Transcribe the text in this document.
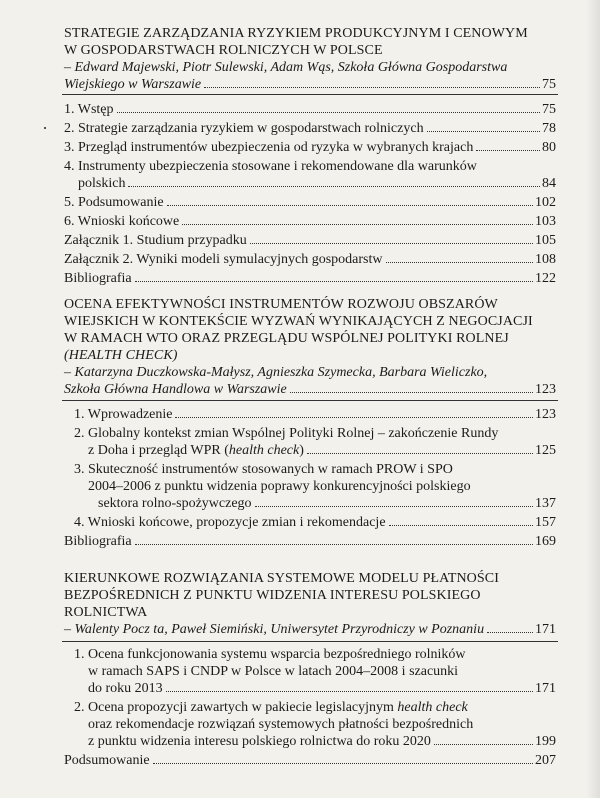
STRATEGIE ZARZĄDZANIA RYZYKIEM PRODUKCYJNYM I CENOWYM
W GOSPODARSTWACH ROLNICZYCH W POLSCE
– Edward Majewski, Piotr Sulewski, Adam Wąs, Szkoła Główna Gospodarstwa
Wiejskiego w Warszawie	75
1. Wstęp	75
2. Strategie zarządzania ryzykiem w gospodarstwach rolniczych	78
3. Przegląd instrumentów ubezpieczenia od ryzyka w wybranych krajach	80
4. Instrumenty ubezpieczenia stosowane i rekomendowane dla warunków
polskich	84
5. Podsumowanie	102
6. Wnioski końcowe	103
Załącznik 1. Studium przypadku	105
Załącznik 2. Wyniki modeli symulacyjnych gospodarstw	108
Bibliografia	122
OCENA EFEKTYWNOŚCI INSTRUMENTÓW ROZWOJU OBSZARÓW
WIEJSKICH W KONTEKŚCIE WYZWAŃ WYNIKAJĄCYCH Z NEGOCJACJI
W RAMACH WTO ORAZ PRZEGLĄDU WSPÓLNEJ POLITYKI ROLNEJ
(HEALTH CHECK)
– Katarzyna Duczkowska-Małysz, Agnieszka Szymecka, Barbara Wieliczko,
Szkoła Główna Handlowa w Warszawie	123
1. Wprowadzenie	123
2. Globalny kontekst zmian Wspólnej Polityki Rolnej – zakończenie Rundy
z Doha i przegląd WPR (health check)	125
3. Skuteczność instrumentów stosowanych w ramach PROW i SPO
2004–2006 z punktu widzenia poprawy konkurencyjności polskiego
sektora rolno-spożywczego	137
4. Wnioski końcowe, propozycje zmian i rekomendacje	157
Bibliografia	169
KIERUNKOWE ROZWIĄZANIA SYSTEMOWE MODELU PŁATNOŚCI
BEZPOŚREDNICH Z PUNKTU WIDZENIA INTERESU POLSKIEGO
ROLNICTWA
– Walenty Pocz ta, Paweł Siemiński, Uniwersytet Przyrodniczy w Poznaniu	171
1. Ocena funkcjonowania systemu wsparcia bezpośredniego rolników
w ramach SAPS i CNDP w Polsce w latach 2004–2008 i szacunki
do roku 2013	171
2. Ocena propozycji zawartych w pakiecie legislacyjnym health check
oraz rekomendacje rozwiązań systemowych płatności bezpośrednich
z punktu widzenia interesu polskiego rolnictwa do roku 2020	199
Podsumowanie	207
